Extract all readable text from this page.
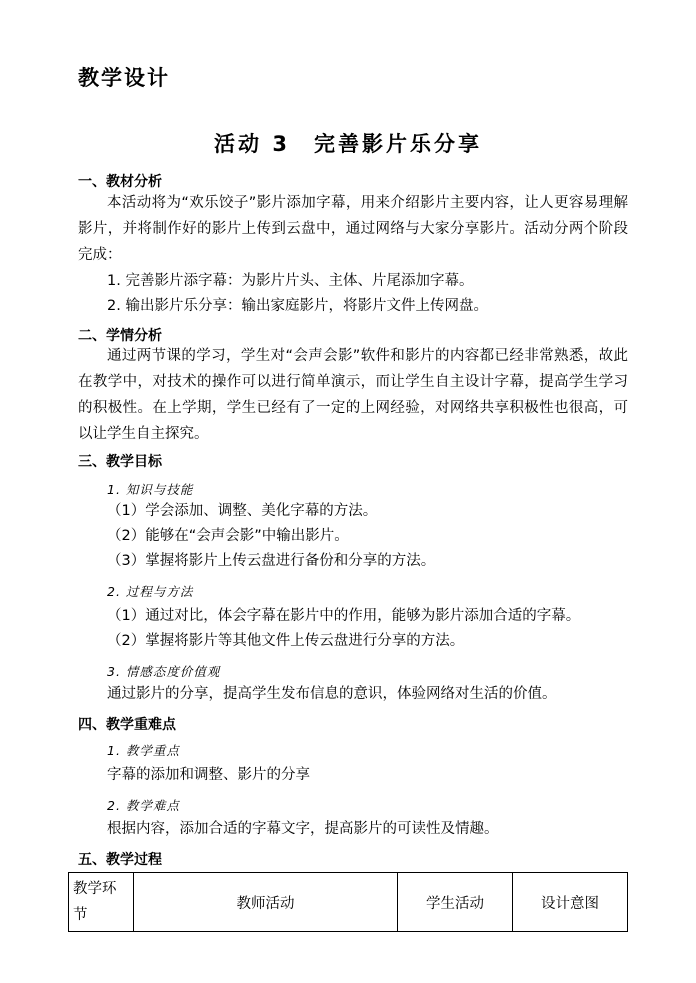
教学设计
活动 3　完善影片乐分享
一、教材分析
本活动将为“欢乐饺子”影片添加字幕，用来介绍影片主要内容，让人更容易理解影片，并将制作好的影片上传到云盘中，通过网络与大家分享影片。活动分两个阶段完成：
1. 完善影片添字幕：为影片片头、主体、片尾添加字幕。
2. 输出影片乐分享：输出家庭影片，将影片文件上传网盘。
二、学情分析
通过两节课的学习，学生对“会声会影”软件和影片的内容都已经非常熟悉，故此在教学中，对技术的操作可以进行简单演示，而让学生自主设计字幕，提高学生学习的积极性。在上学期，学生已经有了一定的上网经验，对网络共享积极性也很高，可以让学生自主探究。
三、教学目标
1. 知识与技能
（1）学会添加、调整、美化字幕的方法。
（2）能够在“会声会影”中输出影片。
（3）掌握将影片上传云盘进行备份和分享的方法。
2. 过程与方法
（1）通过对比，体会字幕在影片中的作用，能够为影片添加合适的字幕。
（2）掌握将影片等其他文件上传云盘进行分享的方法。
3. 情感态度价值观
通过影片的分享，提高学生发布信息的意识，体验网络对生活的价值。
四、教学重难点
1. 教学重点
字幕的添加和调整、影片的分享
2. 教学难点
根据内容，添加合适的字幕文字，提高影片的可读性及情趣。
五、教学过程
教学环节	教师活动	学生活动	设计意图
